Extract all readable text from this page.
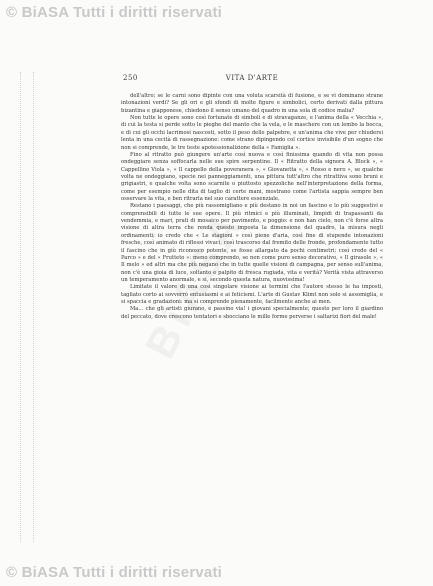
© BiASA Tutti i diritti riservati
250	VITA D'ARTE

dell'altro; se le carni sono dipinte con una voluta scarsità di fusione, e se vi dominano strane intonazioni verdi? Se gli ori e gli sfondi di molte figure e simbolici, certo derivati dalla pittura bizantina e giapponese, chiedono il senso umano del quadro in una sola di codice malia?

Non tutte le opere sono così fortunate di simboli e di stravaganze, e l'anima della « Vecchia », di cui la testa si perde sotto le pieghe del manto che la vela, e le maschere con un lembo la bocca, e di cui gli occhi lacrimosi nascosti, sotto il peso delle palpebre, e un'anima che vive per chiudersi lenta in una cecità di rassegnazione: come strano dipingendo col cortice invisibile d'un sogno che non si comprende, le tre teste apotessionalizione della « Famiglia ».

Fino al ritratto può giungere un'arte così nuova e così finissima quando di vita non possa ondeggiare senza soffocarla nelle sue spire serpentine. Il « Ritratto della signora A. Block », « Cappellino Viola », « Il cappello della poveranera », « Giovanetta », « Rosso e nero », se qualche volta ne ondeggiano, specie nei panneggiamenti, una pittura tutt'altro che ritrattiva sono bruni e grigiastri, e qualche volta sono scarnite o piuttosto spezzoliche nell'interpretazione della forma, come per esempio nelle dita di taglio di certe mani, mostrano come l'artista sappia sempre ben osservare la vita, e ben ritrarla nel suo carattere essenziale.

Restano i paesaggi, che più rassomigliano e più destano in noi un fascino e lo più suggestivi e comprensibili di tutte le sue opere. Il più ritmici e più illuminati, limpidi di trapassanti da vendemmia, e mari, prati di mosaico per pavimento, e poggio: e non han cielo, non c'è forse altra visione di altra terra che renda questo imposta la dimensione del quadro, la misura negli ordinamenti; io credo che « Le stagioni » così piene d'aria, così fine di stupende intonazioni fresche, così animato di riflessi vivaci, così trascorso dal fremito delle fronde, profondamente tutto il fascino che in giù riconosco potente, se fosse allargato da pochi centimetri; così credo del « Parco » e del « Frutteto »: meno comprendo, se non come puro senso decorativo, « Il girasole », « Il melo » ed altri ma che più negano che in tutte quelle visioni di campagna, per senso sull'anima, non c'è una gioia di luce, soltanto e palpito di fresca rugiada, vita e verità? Verità vista attraverso un temperamento anormale, e si, secondo questa natura, nuovissima!

Limitate il valore di una così singolare visione ai termini che l'autore stesso le ha imposti, tagliato corto ai sovverrò entusiasmi e ai feticismi. L'arte di Gustav Klimt non solo si assomiglia, e si spaccia e gradazioni: ma si comprende pienamente, facilmente anche ai men.

Ma... che gli artisti giurano, e passino via! i giovani specialmente; questo per loro il giardino del peccato, dove crescono tentatori e sbocciano le mille forme perverse i saltarizi fiori del male!

© BiASA Tutti i diritti riservati
